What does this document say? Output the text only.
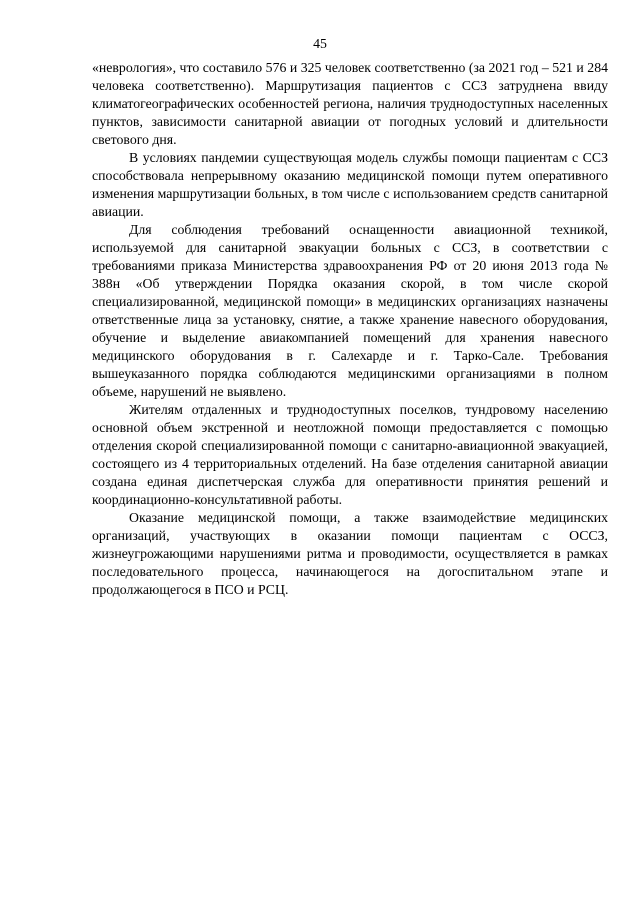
45

«неврология», что составило 576 и 325 человек соответственно (за 2021 год – 521 и 284 человека соответственно). Маршрутизация пациентов с ССЗ затруднена ввиду климатогеографических особенностей региона, наличия труднодоступных населенных пунктов, зависимости санитарной авиации от погодных условий и длительности светового дня.

В условиях пандемии существующая модель службы помощи пациентам с ССЗ способствовала непрерывному оказанию медицинской помощи путем оперативного изменения маршрутизации больных, в том числе с использованием средств санитарной авиации.

Для соблюдения требований оснащенности авиационной техникой, используемой для санитарной эвакуации больных с ССЗ, в соответствии с требованиями приказа Министерства здравоохранения РФ от 20 июня 2013 года № 388н «Об утверждении Порядка оказания скорой, в том числе скорой специализированной, медицинской помощи» в медицинских организациях назначены ответственные лица за установку, снятие, а также хранение навесного оборудования, обучение и выделение авиакомпанией помещений для хранения навесного медицинского оборудования в г. Салехарде и г. Тарко-Сале. Требования вышеуказанного порядка соблюдаются медицинскими организациями в полном объеме, нарушений не выявлено.

Жителям отдаленных и труднодоступных поселков, тундровому населению основной объем экстренной и неотложной помощи предоставляется с помощью отделения скорой специализированной помощи с санитарно-авиационной эвакуацией, состоящего из 4 территориальных отделений. На базе отделения санитарной авиации создана единая диспетчерская служба для оперативности принятия решений и координационно-консультативной работы.

Оказание медицинской помощи, а также взаимодействие медицинских организаций, участвующих в оказании помощи пациентам с ОССЗ, жизнеугрожающими нарушениями ритма и проводимости, осуществляется в рамках последовательного процесса, начинающегося на догоспитальном этапе и продолжающегося в ПСО и РСЦ.
